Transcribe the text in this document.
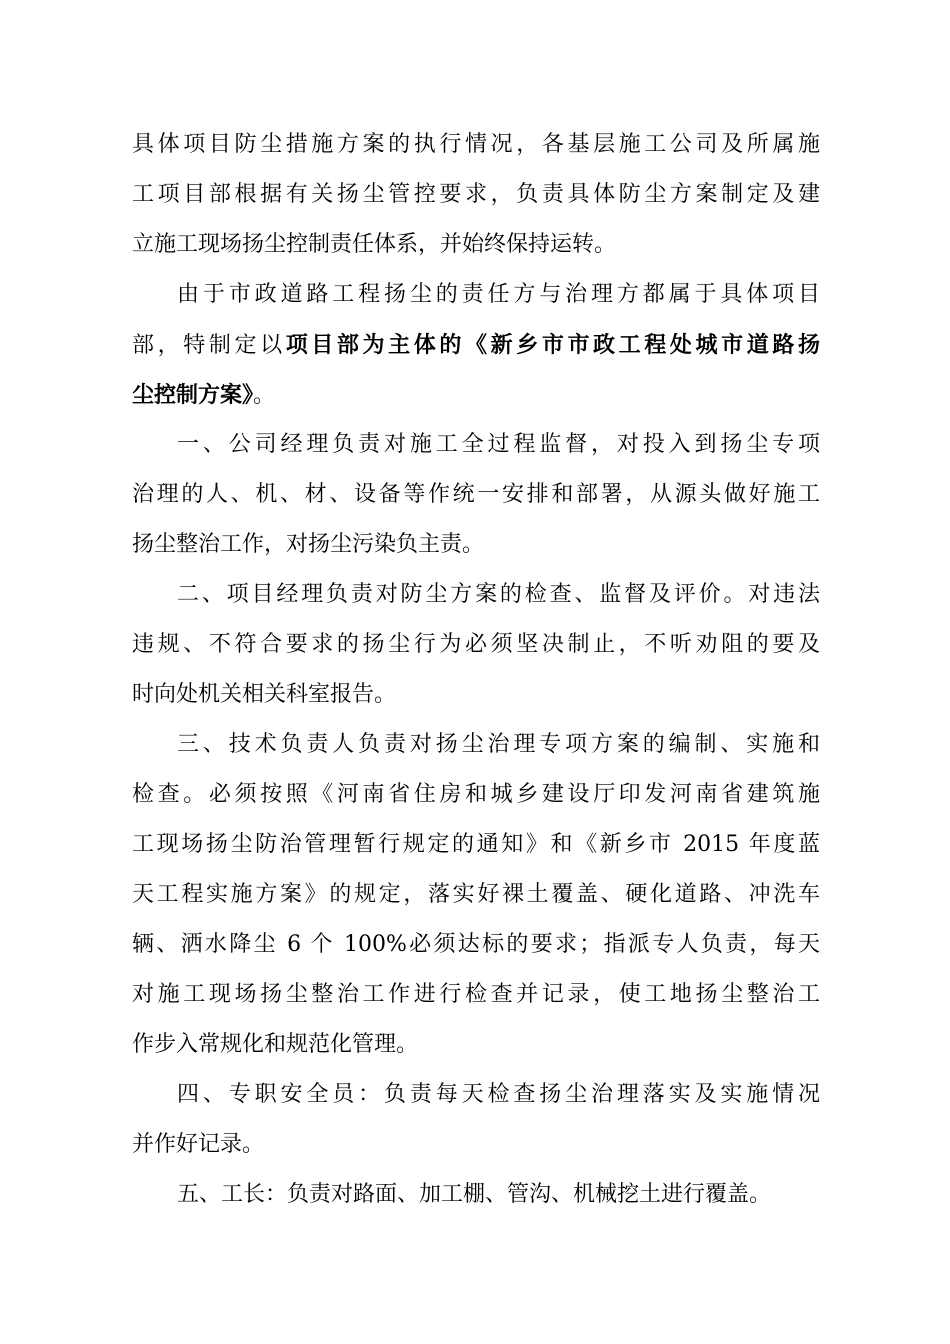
具体项目防尘措施方案的执行情况，各基层施工公司及所属施
工项目部根据有关扬尘管控要求，负责具体防尘方案制定及建
立施工现场扬尘控制责任体系，并始终保持运转。
由于市政道路工程扬尘的责任方与治理方都属于具体项目
部，特制定以项目部为主体的《新乡市市政工程处城市道路扬
尘控制方案》。
一、公司经理负责对施工全过程监督，对投入到扬尘专项
治理的人、机、材、设备等作统一安排和部署，从源头做好施工
扬尘整治工作，对扬尘污染负主责。
二、项目经理负责对防尘方案的检查、监督及评价。对违法
违规、不符合要求的扬尘行为必须坚决制止，不听劝阻的要及
时向处机关相关科室报告。
三、技术负责人负责对扬尘治理专项方案的编制、实施和
检查。必须按照《河南省住房和城乡建设厅印发河南省建筑施
工现场扬尘防治管理暂行规定的通知》和《新乡市 2015 年度蓝
天工程实施方案》的规定，落实好裸土覆盖、硬化道路、冲洗车
辆、洒水降尘 6 个 100%必须达标的要求；指派专人负责，每天
对施工现场扬尘整治工作进行检查并记录，使工地扬尘整治工
作步入常规化和规范化管理。
四、专职安全员：负责每天检查扬尘治理落实及实施情况
并作好记录。
五、工长：负责对路面、加工棚、管沟、机械挖土进行覆盖。
